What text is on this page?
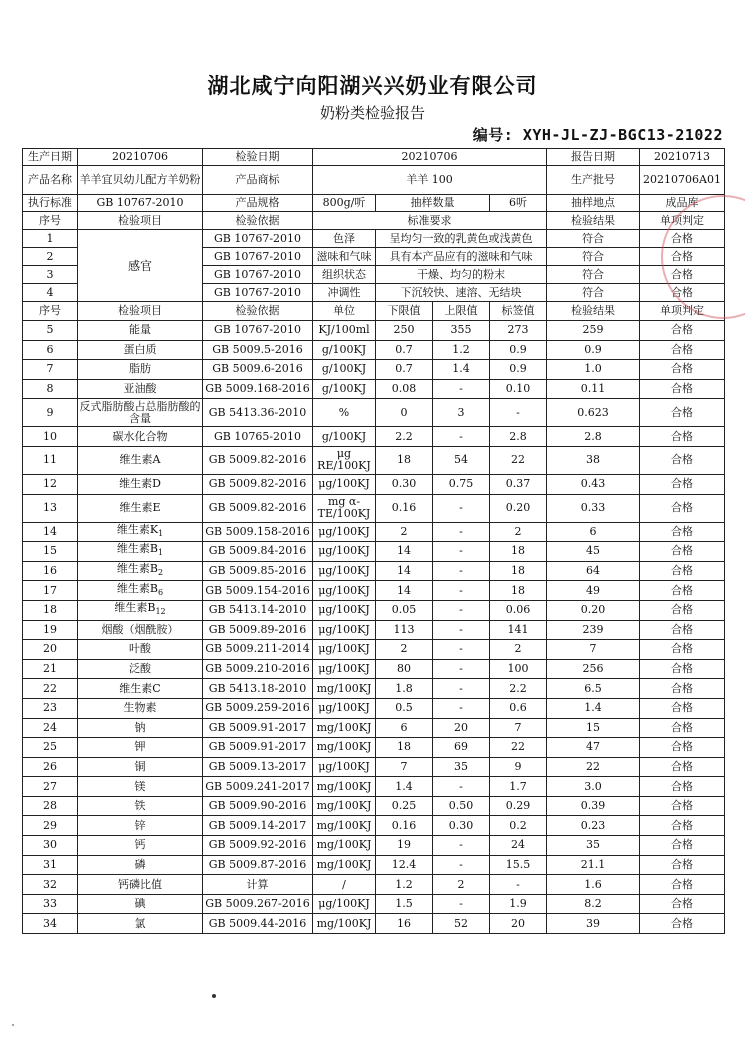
湖北咸宁向阳湖兴兴奶业有限公司
奶粉类检验报告
编号: XYH-JL-ZJ-BGC13-21022
生产日期	20210706	检验日期	20210706				报告日期	20210713
产品名称	羊羊宜贝幼儿配方羊奶粉	产品商标	羊羊 100				生产批号	20210706A01
执行标准	GB 10767-2010	产品规格	800g/听	抽样数量		6听	抽样地点	成品库
序号	检验项目	检验依据	标准要求				检验结果	单项判定
1	感官	GB 10767-2010	色泽	呈均匀一致的乳黄色或浅黄色			符合	合格
2		GB 10767-2010	滋味和气味	具有本产品应有的滋味和气味			符合	合格
3		GB 10767-2010	组织状态	干燥、均匀的粉末			符合	合格
4		GB 10767-2010	冲调性	下沉较快、速溶、无结块			符合	合格
序号	检验项目	检验依据	单位	下限值	上限值	标签值	检验结果	单项判定
5	能量	GB 10767-2010	KJ/100ml	250	355	273	259	合格
6	蛋白质	GB 5009.5-2016	g/100KJ	0.7	1.2	0.9	0.9	合格
7	脂肪	GB 5009.6-2016	g/100KJ	0.7	1.4	0.9	1.0	合格
8	亚油酸	GB 5009.168-2016	g/100KJ	0.08	-	0.10	0.11	合格
9	反式脂肪酸占总脂肪酸的含量	GB 5413.36-2010	%	0	3	-	0.623	合格
10	碳水化合物	GB 10765-2010	g/100KJ	2.2	-	2.8	2.8	合格
11	维生素A	GB 5009.82-2016	μg RE/100KJ	18	54	22	38	合格
12	维生素D	GB 5009.82-2016	μg/100KJ	0.30	0.75	0.37	0.43	合格
13	维生素E	GB 5009.82-2016	mg α-TE/100KJ	0.16	-	0.20	0.33	合格
14	维生素$K_1$	GB 5009.158-2016	μg/100KJ	2	-	2	6	合格
15	维生素$B_1$	GB 5009.84-2016	μg/100KJ	14	-	18	45	合格
16	维生素$B_2$	GB 5009.85-2016	μg/100KJ	14	-	18	64	合格
17	维生素$B_6$	GB 5009.154-2016	μg/100KJ	14	-	18	49	合格
18	维生素$B_{12}$	GB 5413.14-2010	μg/100KJ	0.05	-	0.06	0.20	合格
19	烟酸（烟酰胺）	GB 5009.89-2016	μg/100KJ	113	-	141	239	合格
20	叶酸	GB 5009.211-2014	μg/100KJ	2	-	2	7	合格
21	泛酸	GB 5009.210-2016	μg/100KJ	80	-	100	256	合格
22	维生素C	GB 5413.18-2010	mg/100KJ	1.8	-	2.2	6.5	合格
23	生物素	GB 5009.259-2016	μg/100KJ	0.5	-	0.6	1.4	合格
24	钠	GB 5009.91-2017	mg/100KJ	6	20	7	15	合格
25	钾	GB 5009.91-2017	mg/100KJ	18	69	22	47	合格
26	铜	GB 5009.13-2017	μg/100KJ	7	35	9	22	合格
27	镁	GB 5009.241-2017	mg/100KJ	1.4	-	1.7	3.0	合格
28	铁	GB 5009.90-2016	mg/100KJ	0.25	0.50	0.29	0.39	合格
29	锌	GB 5009.14-2017	mg/100KJ	0.16	0.30	0.2	0.23	合格
30	钙	GB 5009.92-2016	mg/100KJ	19	-	24	35	合格
31	磷	GB 5009.87-2016	mg/100KJ	12.4	-	15.5	21.1	合格
32	钙磷比值	计算	/	1.2	2	-	1.6	合格
33	碘	GB 5009.267-2016	μg/100KJ	1.5	-	1.9	8.2	合格
34	氯	GB 5009.44-2016	mg/100KJ	16	52	20	39	合格
